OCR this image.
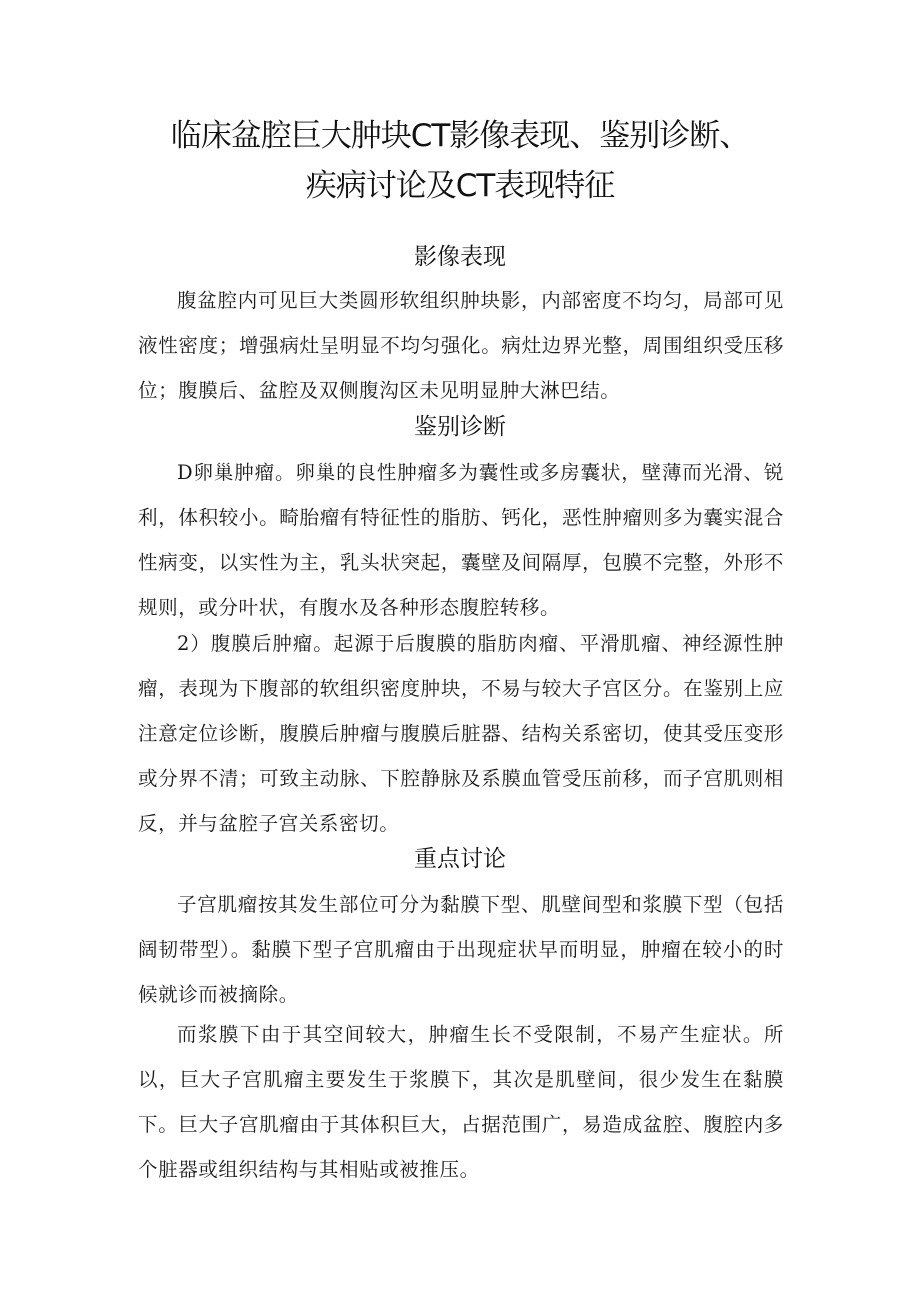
临床盆腔巨大肿块CT影像表现、鉴别诊断、
疾病讨论及CT表现特征
影像表现

腹盆腔内可见巨大类圆形软组织肿块影，内部密度不均匀，局部可见液性密度；增强病灶呈明显不均匀强化。病灶边界光整，周围组织受压移位；腹膜后、盆腔及双侧腹沟区未见明显肿大淋巴结。

鉴别诊断

D卵巢肿瘤。卵巢的良性肿瘤多为囊性或多房囊状，壁薄而光滑、锐利，体积较小。畸胎瘤有特征性的脂肪、钙化，恶性肿瘤则多为囊实混合性病变，以实性为主，乳头状突起，囊壁及间隔厚，包膜不完整，外形不规则，或分叶状，有腹水及各种形态腹腔转移。

2）腹膜后肿瘤。起源于后腹膜的脂肪肉瘤、平滑肌瘤、神经源性肿瘤，表现为下腹部的软组织密度肿块，不易与较大子宫区分。在鉴别上应注意定位诊断，腹膜后肿瘤与腹膜后脏器、结构关系密切，使其受压变形或分界不清；可致主动脉、下腔静脉及系膜血管受压前移，而子宫肌则相反，并与盆腔子宫关系密切。

重点讨论

子宫肌瘤按其发生部位可分为黏膜下型、肌壁间型和浆膜下型（包括阔韧带型）。黏膜下型子宫肌瘤由于出现症状早而明显，肿瘤在较小的时候就诊而被摘除。

而浆膜下由于其空间较大，肿瘤生长不受限制，不易产生症状。所以，巨大子宫肌瘤主要发生于浆膜下，其次是肌壁间，很少发生在黏膜下。巨大子宫肌瘤由于其体积巨大，占据范围广，易造成盆腔、腹腔内多个脏器或组织结构与其相贴或被推压。
